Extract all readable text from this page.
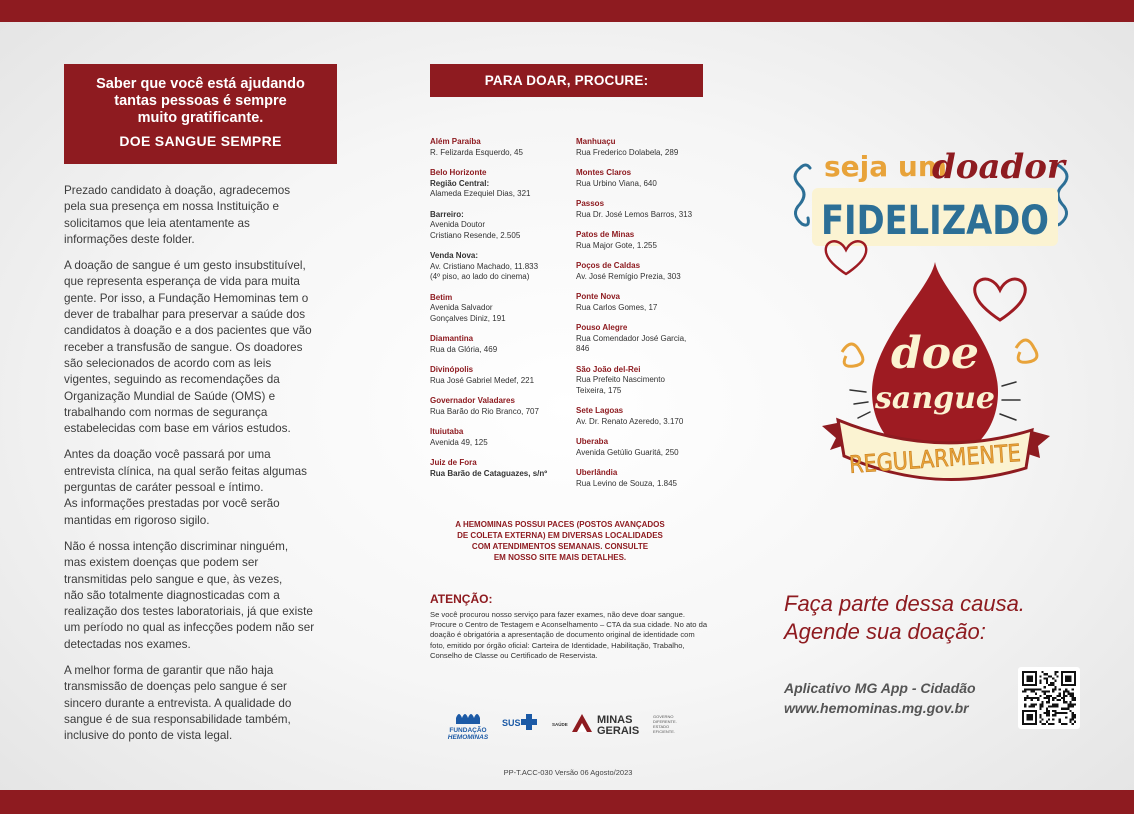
Saber que você está ajudando
tantas pessoas é sempre
muito gratificante.
DOE SANGUE SEMPRE

Prezado candidato à doação, agradecemos
pela sua presença em nossa Instituição e
solicitamos que leia atentamente as
informações deste folder.

A doação de sangue é um gesto insubstituível,
que representa esperança de vida para muita
gente. Por isso, a Fundação Hemominas tem o
dever de trabalhar para preservar a saúde dos
candidatos à doação e a dos pacientes que vão
receber a transfusão de sangue. Os doadores
são selecionados de acordo com as leis
vigentes, seguindo as recomendações da
Organização Mundial de Saúde (OMS) e
trabalhando com normas de segurança
estabelecidas com base em vários estudos.

Antes da doação você passará por uma
entrevista clínica, na qual serão feitas algumas
perguntas de caráter pessoal e íntimo.
As informações prestadas por você serão
mantidas em rigoroso sigilo.

Não é nossa intenção discriminar ninguém,
mas existem doenças que podem ser
transmitidas pelo sangue e que, às vezes,
não são totalmente diagnosticadas com a
realização dos testes laboratoriais, já que existe
um período no qual as infecções podem não ser
detectadas nos exames.

A melhor forma de garantir que não haja
transmissão de doenças pelo sangue é ser
sincero durante a entrevista. A qualidade do
sangue é de sua responsabilidade também,
inclusive do ponto de vista legal.

PARA DOAR, PROCURE:
Além Paraíba
R. Felizarda Esquerdo, 45
Belo Horizonte
Região Central:
Alameda Ezequiel Dias, 321
Barreiro:
Avenida Doutor
Cristiano Resende, 2.505
Venda Nova:
Av. Cristiano Machado, 11.833
(4º piso, ao lado do cinema)
Betim
Avenida Salvador
Gonçalves Diniz, 191
Diamantina
Rua da Glória, 469
Divinópolis
Rua José Gabriel Medef, 221
Governador Valadares
Rua Barão do Rio Branco, 707
Ituiutaba
Avenida 49, 125
Juiz de Fora
Rua Barão de Cataguazes, s/nº
Manhuaçu
Rua Frederico Dolabela, 289
Montes Claros
Rua Urbino Viana, 640
Passos
Rua Dr. José Lemos Barros, 313
Patos de Minas
Rua Major Gote, 1.255
Poços de Caldas
Av. José Remígio Prezia, 303
Ponte Nova
Rua Carlos Gomes, 17
Pouso Alegre
Rua Comendador José Garcia,
846
São João del-Rei
Rua Prefeito Nascimento
Teixeira, 175
Sete Lagoas
Av. Dr. Renato Azeredo, 3.170
Uberaba
Avenida Getúlio Guaritá, 250
Uberlândia
Rua Levino de Souza, 1.845
A HEMOMINAS POSSUI PACES (POSTOS AVANÇADOS
DE COLETA EXTERNA) EM DIVERSAS LOCALIDADES
COM ATENDIMENTOS SEMANAIS. CONSULTE
EM NOSSO SITE MAIS DETALHES.
ATENÇÃO:
Se você procurou nosso serviço para fazer exames, não deve doar sangue. Procure o Centro de Testagem e Aconselhamento – CTA da sua cidade. No ato da doação é obrigatória a apresentação de documento original de identidade com foto, emitido por órgão oficial: Carteira de Identidade, Habilitação, Trabalho, Conselho de Classe ou Certificado de Reservista.
FUNDAÇÃO
HEMOMINAS
SUS	SAÚDE	MINAS
GERAIS
GOVERNO
DIFERENTE.
ESTADO
EFICIENTE.
PP-T.ACC-030 Versão 06 Agosto/2023
seja um
doador
FIDELIZADO
doe
sangue
REGULARMENTE
Faça parte dessa causa.
Agende sua doação:
Aplicativo MG App - Cidadão
www.hemominas.mg.gov.br
